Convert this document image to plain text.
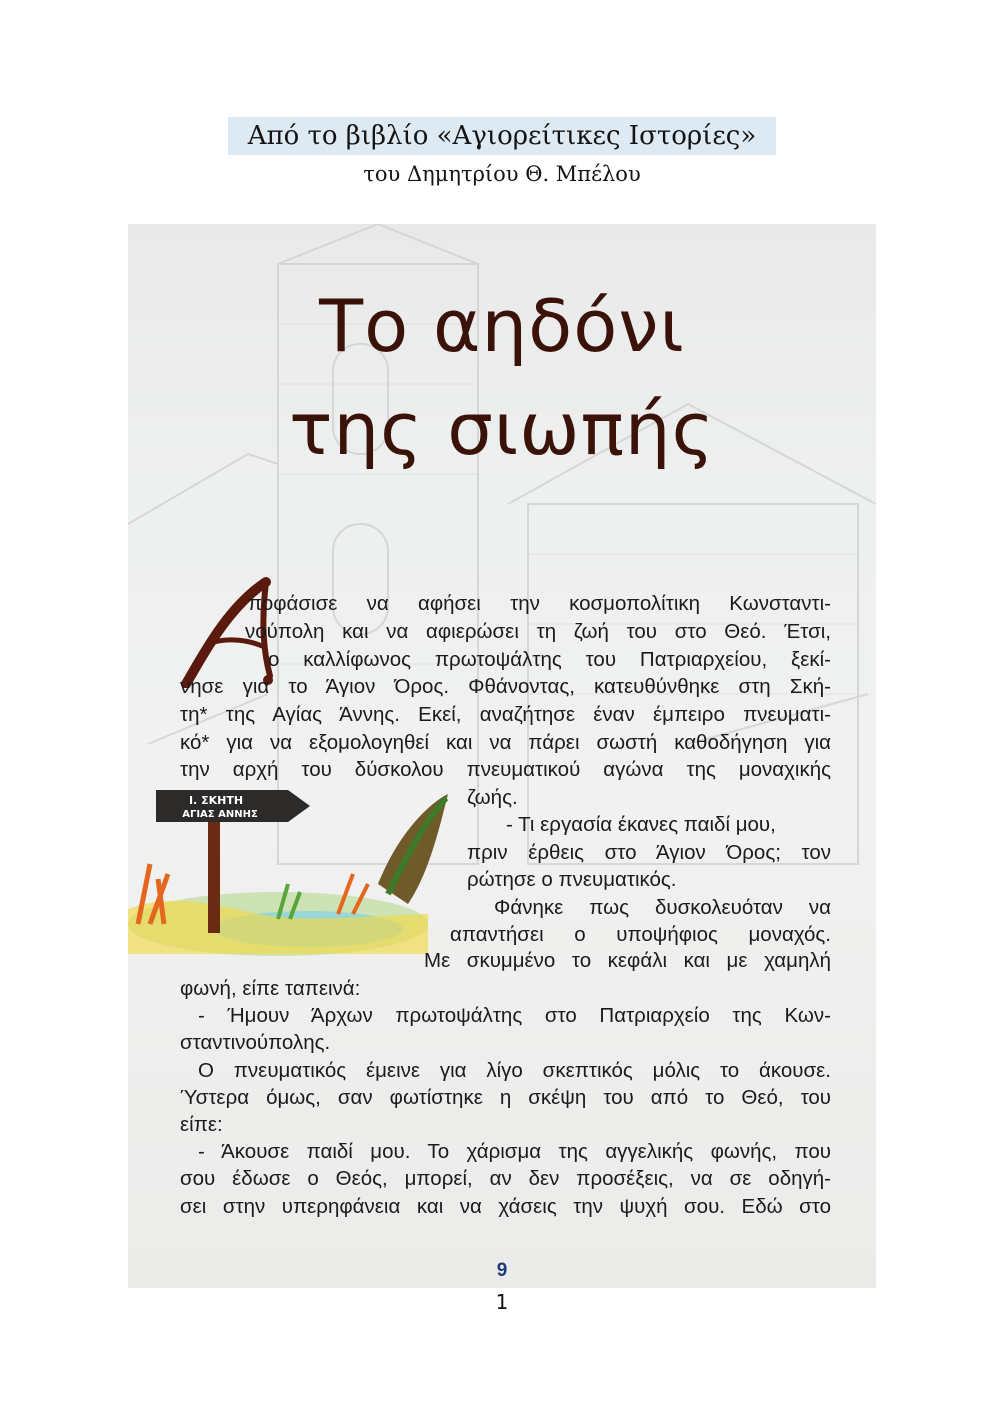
Από το βιβλίο «Αγιορείτικες Ιστορίες»
του Δημητρίου Θ. Μπέλου
Το αηδόνι
της σιωπής
Ι. ΣΚΗΤΗ
ΑΓΙΑΣ ΑΝΝΗΣ
ποφάσισε να αφήσει την κοσμοπολίτικη Κωνσταντι-
νούπολη και να αφιερώσει τη ζωή του στο Θεό. Έτσι,
ο καλλίφωνος πρωτοψάλτης του Πατριαρχείου, ξεκί-
νησε για το Άγιον Όρος. Φθάνοντας, κατευθύνθηκε στη Σκή-
τη* της Αγίας Άννης. Εκεί, αναζήτησε έναν έμπειρο πνευματι-
κό* για να εξομολογηθεί και να πάρει σωστή καθοδήγηση για
την αρχή του δύσκολου πνευματικού αγώνα της μοναχικής
ζωής.
- Τι εργασία έκανες παιδί μου,
πριν έρθεις στο Άγιον Όρος; τον
ρώτησε ο πνευματικός.
Φάνηκε πως δυσκολευόταν να
απαντήσει ο υποψήφιος μοναχός.
Με σκυμμένο το κεφάλι και με χαμηλή
φωνή, είπε ταπεινά:
- Ήμουν Άρχων πρωτοψάλτης στο Πατριαρχείο της Κων-
σταντινούπολης.
Ο πνευματικός έμεινε για λίγο σκεπτικός μόλις το άκουσε.
Ύστερα όμως, σαν φωτίστηκε η σκέψη του από το Θεό, του
είπε:
- Άκουσε παιδί μου. Το χάρισμα της αγγελικής φωνής, που
σου έδωσε ο Θεός, μπορεί, αν δεν προσέξεις, να σε οδηγή-
σει στην υπερηφάνεια και να χάσεις την ψυχή σου. Εδώ στο
9
1
